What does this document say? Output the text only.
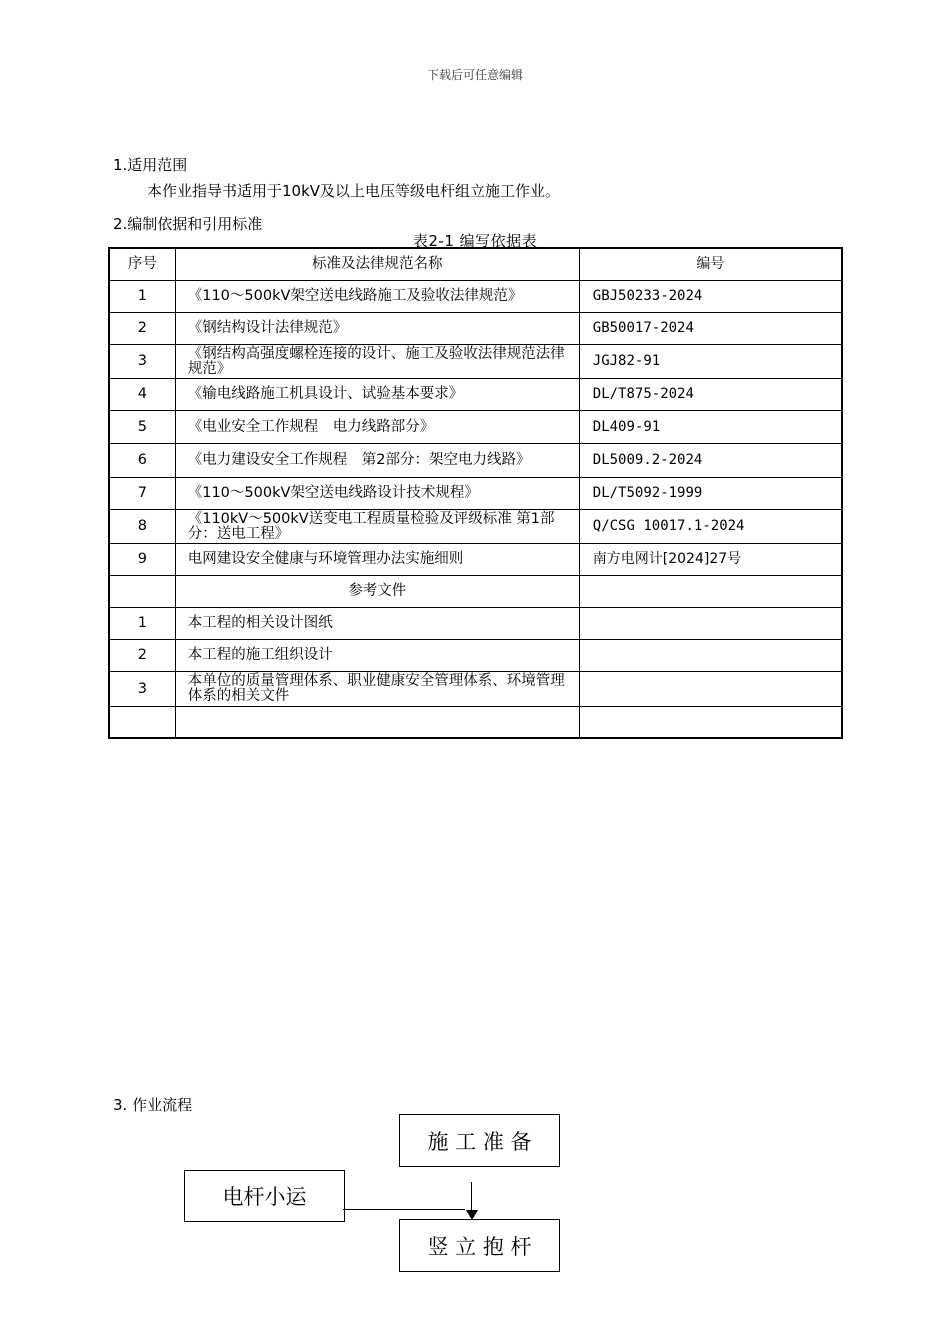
下载后可任意编辑
1.适用范围
本作业指导书适用于10kV及以上电压等级电杆组立施工作业。
2.编制依据和引用标准
表2-1 编写依据表
序号	标准及法律规范名称	编号
1	《110～500kV架空送电线路施工及验收法律规范》	GBJ50233-2024
2	《钢结构设计法律规范》	GB50017-2024
3	《钢结构高强度螺栓连接的设计、施工及验收法律规范法律规范》	JGJ82-91
4	《输电线路施工机具设计、试验基本要求》	DL/T875-2024
5	《电业安全工作规程　电力线路部分》	DL409-91
6	《电力建设安全工作规程　第2部分：架空电力线路》	DL5009.2-2024
7	《110～500kV架空送电线路设计技术规程》	DL/T5092-1999
8	《110kV～500kV送变电工程质量检验及评级标准 第1部分：送电工程》	Q/CSG 10017.1-2024
9	电网建设安全健康与环境管理办法实施细则	南方电网计[2024]27号
	参考文件	
1	本工程的相关设计图纸	
2	本工程的施工组织设计	
3	本单位的质量管理体系、职业健康安全管理体系、环境管理体系的相关文件	

3. 作业流程
施 工 准 备
电杆小运
竖 立 抱 杆
